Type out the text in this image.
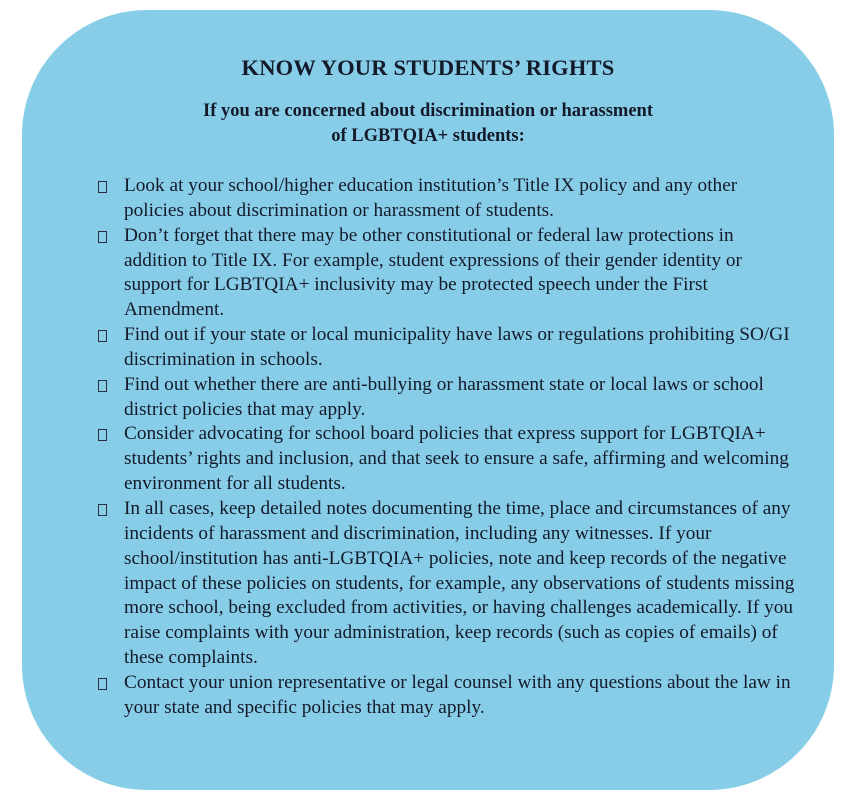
KNOW YOUR STUDENTS’ RIGHTS
If you are concerned about discrimination or harassment
of LGBTQIA+ students:
Look at your school/higher education institution’s Title IX policy and any other policies about discrimination or harassment of students.
Don’t forget that there may be other constitutional or federal law protections in addition to Title IX. For example, student expressions of their gender identity or support for LGBTQIA+ inclusivity may be protected speech under the First Amendment.
Find out if your state or local municipality have laws or regulations prohibiting SO/GI discrimination in schools.
Find out whether there are anti-bullying or harassment state or local laws or school district policies that may apply.
Consider advocating for school board policies that express support for LGBTQIA+ students’ rights and inclusion, and that seek to ensure a safe, affirming and welcoming environment for all students.
In all cases, keep detailed notes documenting the time, place and circumstances of any incidents of harassment and discrimination, including any witnesses. If your school/institution has anti-LGBTQIA+ policies, note and keep records of the negative impact of these policies on students, for example, any observations of students missing more school, being excluded from activities, or having challenges academically. If you raise complaints with your administration, keep records (such as copies of emails) of these complaints.
Contact your union representative or legal counsel with any questions about the law in your state and specific policies that may apply.
